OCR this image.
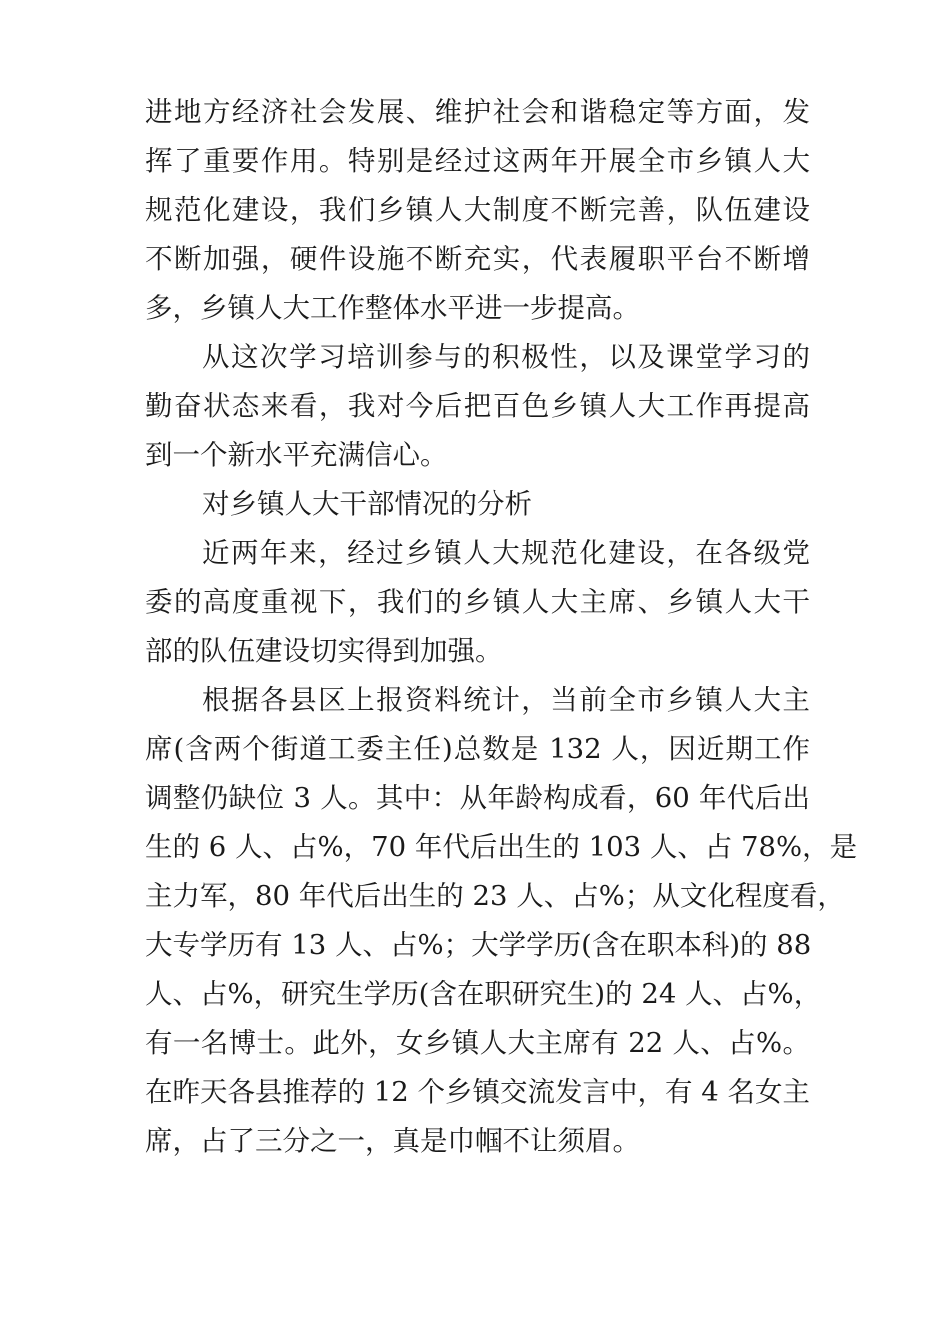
进地方经济社会发展、维护社会和谐稳定等方面，发
挥了重要作用。特别是经过这两年开展全市乡镇人大
规范化建设，我们乡镇人大制度不断完善，队伍建设
不断加强，硬件设施不断充实，代表履职平台不断增
多，乡镇人大工作整体水平进一步提高。
从这次学习培训参与的积极性，以及课堂学习的
勤奋状态来看，我对今后把百色乡镇人大工作再提高
到一个新水平充满信心。
对乡镇人大干部情况的分析
近两年来，经过乡镇人大规范化建设，在各级党
委的高度重视下，我们的乡镇人大主席、乡镇人大干
部的队伍建设切实得到加强。
根据各县区上报资料统计，当前全市乡镇人大主
席(含两个街道工委主任)总数是 132 人，因近期工作
调整仍缺位 3 人。其中：从年龄构成看，60 年代后出
生的 6 人、占%，70 年代后出生的 103 人、占 78%，是
主力军，80 年代后出生的 23 人、占%；从文化程度看，
大专学历有 13 人、占%；大学学历(含在职本科)的 88
人、占%，研究生学历(含在职研究生)的 24 人、占%，
有一名博士。此外，女乡镇人大主席有 22 人、占%。
在昨天各县推荐的 12 个乡镇交流发言中，有 4 名女主
席，占了三分之一，真是巾帼不让须眉。
